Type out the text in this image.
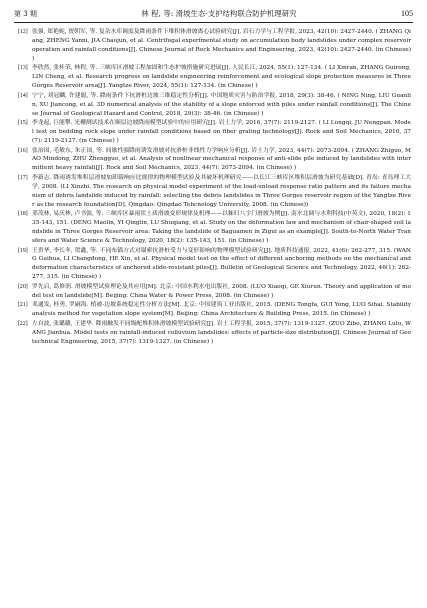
第 3 期	林 程, 等: 滑坡生态-支护结构联合防护机理研究	105
[12] 张强, 郑艳妮, 贾朝军, 等. 复杂水库调度及降雨条件下堆积体滑坡离心试验研究[J]. 岩石力学与工程学报, 2023, 42(10): 2427-2440. ( ZHANG Qiang, ZHENG Yanni, JIA Chaojun, et al. Centrifugal experimental study on accumulation body landslides under complex reservoir operation and rainfall conditions[J]. Chinese Journal of Rock Mechanics and Engineering, 2023, 42(10): 2427-2440. (in Chinese) )
[13] 李欣然, 张桂荣, 林程, 等. 三峡库区滑坡工程加固和生态护坡措施研究进展[J]. 人民长江, 2024, 55(1): 127-134. ( LI Xinran, ZHANG Guirong, LIN Cheng, et al. Research progress on landslide engineering reinforcement and ecological slope protection measures in Three Gorges Reservoir area[J]. Yangtze River, 2024, 55(1): 127-134. (in Chinese) )
[14] 宁宁, 刘冠麟, 许建聪, 等. 降雨条件下抗滑桩边坡三维稳定性分析[J]. 中国地质灾害与防治学报, 2018, 29(3): 38-46. ( NING Ning, LIU Guanlin, XU Jiancong, et al. 3D numerical analysis of the stability of a slope enforced with piles under rainfall conditions[J]. The Chinese Journal of Geological Hazard and Control, 2018, 29(3): 38-46. (in Chinese) )
[15] 李龙起, 巨能攀. 光栅测试技术在顺层边坡降雨模型试验中的应用研究[J]. 岩土力学, 2016, 37(7): 2119-2127. ( LI Longqi, JU Nengpan. Model test on bedding rock slope under rainfall conditions based on fiber grating technology[J]. Rock and Soil Mechanics, 2016, 37(7): 2119-2127. (in Chinese) )
[16] 张治国, 毛敏东, 朱正国, 等. 间歇性强降雨诱发滑坡对抗滑桩非线性力学响应分析[J]. 岩土力学, 2023, 44(7): 2073-2094. ( ZHANG Zhiguo, MAO Mindong, ZHU Zhengguo, et al. Analysis of nonlinear mechanical response of anti-slide pile induced by landslides with intermittent heavy rainfall[J]. Rock and Soil Mechanics, 2023, 44(7): 2073-2094. (in Chinese) )
[17] 李新志. 降雨诱发堆积层滑坡加卸载响应比规律的物理模型试验及其破坏机理研究——以长江三峡库区堆积层滑坡为研究基础[D]. 青岛: 青岛理工大学, 2008. (LI Xinzhi. The research on physical model experiment of the load-unload response ratio pattern and its failure mechanism of debris landslide induced by rainfall: selecting the debris landslides in Three Gorges reservoir region of the Yangtze River as the research foundation[D]. Qingdao: Qingdao Tehcnology University, 2008. (in Chinese))
[18] 邓茂林, 易庆林, 卢书强, 等. 三峡库区暴雨状土质滑坡变形规律及机理——以秭归八字门滑坡为例[J]. 南水北调与水利科技(中英文), 2020, 18(2): 135-143, 151. (DENG Maolin, YI Qinglin, LU Shuqiang, et al. Study on the deformation law and mechanism of chair-shaped soil landslide in Three Gorges Reservoir area: Taking the landslide of Baguamen in Zigui as an example[J]. South-to-North Water Transfers and Water Science & Technology, 2020, 18(2): 135-143, 151. (in Chinese) )
[19] 王贵华, 李长冬, 贺鑫, 等. 不同布锚方式对锚索抗滑桩受力与变形影响的物理模型试验研究[J]. 地质科技通报, 2022, 41(6): 262-277, 315. (WANG Guihua, LI Changdong, HE Xin, et al. Physical model test on the effect of different anchoring methods on the mechanical and deformation characteristics of anchored slide-resistant piles[J]. Bulletin of Geological Science and Technology, 2022, 46(1): 262-277, 315. (in Chinese) )
[20] 罗先启, 葛修润. 滑坡模型试验理论及其应用[M]. 北京: 中国水利水电出版社, 2008. (LUO Xiaoqi, GE Xiurun. Theory and application of model test on landslide[M]. Beijing: China Water & Power Press, 2008. (in Chinese) )
[21] 邓通发, 桂勇, 罗嗣海. 植被-边坡系统稳定性分析方法[M]. 北京: 中国建筑工业出版社, 2015. (DENG Tongfa, GUI Yong, LUO Sihai. Stability analysis method for vegetation slope system[M]. Beijing: China Architecture & Building Press, 2015. (in Chinese) )
[22] 左自波, 张璐璐, 王建华. 降雨触发不同级配堆积体滑坡模型试验研究[J]. 岩土工程学报, 2015, 37(7): 1319-1327. (ZUO Zibo, ZHANG Lulu, WANG Jianhua. Model tests on rainfall-induced colluvium landslides: effects of particle-size distribution[J]. Chinese Journal of Geotechnical Engineering, 2015, 37(7): 1319-1327. (in Chinese) )
